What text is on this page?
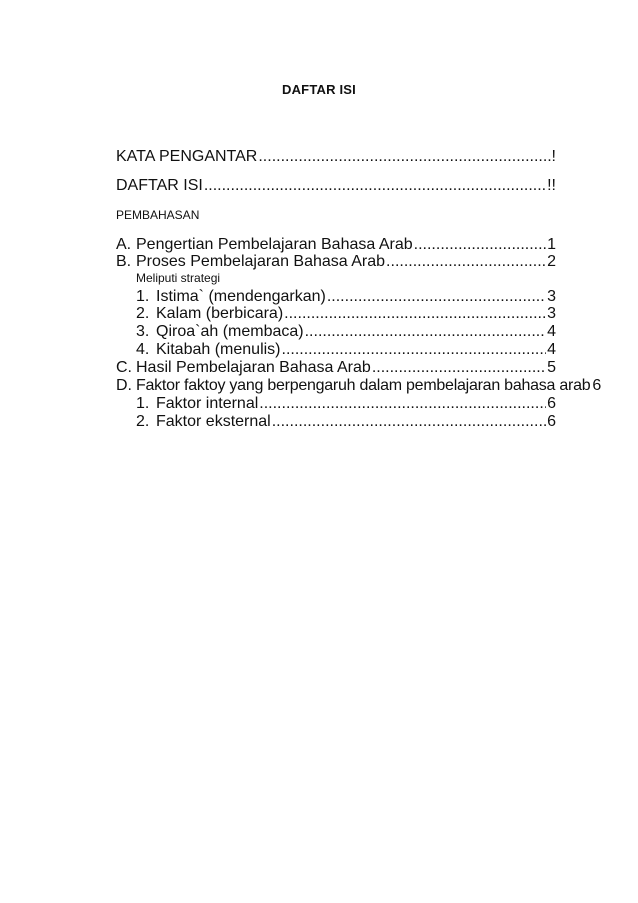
DAFTAR ISI
KATA PENGANTAR .....	!
DAFTAR ISI .....	!!
PEMBAHASAN
A. Pengertian Pembelajaran Bahasa Arab .....	1
B. Proses Pembelajaran Bahasa Arab .....	2
Meliputi strategi
1. Istima` (mendengarkan) .....	3
2. Kalam (berbicara) .....	3
3. Qiroa`ah (membaca) .....	4
4. Kitabah (menulis) .....	4
C. Hasil Pembelajaran Bahasa Arab .....	5
D. Faktor faktoy yang berpengaruh dalam pembelajaran bahasa arab 6
1. Faktor internal .....	6
2. Faktor eksternal .....	6
